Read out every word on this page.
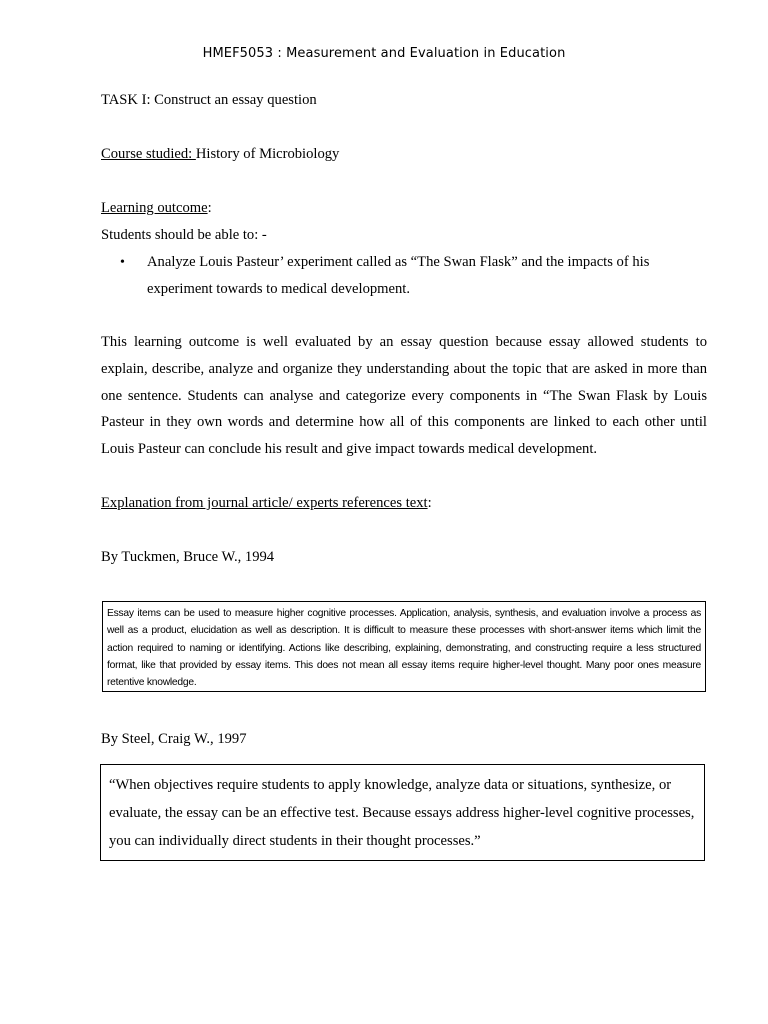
HMEF5053 : Measurement and Evaluation in Education
TASK I: Construct an essay question
Course studied: History of Microbiology
Learning outcome:
Students should be able to: -
• Analyze Louis Pasteur’ experiment called as “The Swan Flask” and the impacts of his experiment towards to medical development.
This learning outcome is well evaluated by an essay question because essay allowed students to explain, describe, analyze and organize they understanding about the topic that are asked in more than one sentence. Students can analyse and categorize every components in “The Swan Flask by Louis Pasteur in they own words and determine how all of this components are linked to each other until Louis Pasteur can conclude his result and give impact towards medical development.
Explanation from journal article/ experts references text:
By Tuckmen, Bruce W., 1994
Essay items can be used to measure higher cognitive processes. Application, analysis, synthesis, and evaluation involve a process as well as a product, elucidation as well as description. It is difficult to measure these processes with short-answer items which limit the action required to naming or identifying. Actions like describing, explaining, demonstrating, and constructing require a less structured format, like that provided by essay items. This does not mean all essay items require higher-level thought. Many poor ones measure retentive knowledge.
By Steel, Craig W., 1997
“When objectives require students to apply knowledge, analyze data or situations, synthesize, or evaluate, the essay can be an effective test. Because essays address higher-level cognitive processes, you can individually direct students in their thought processes.”
